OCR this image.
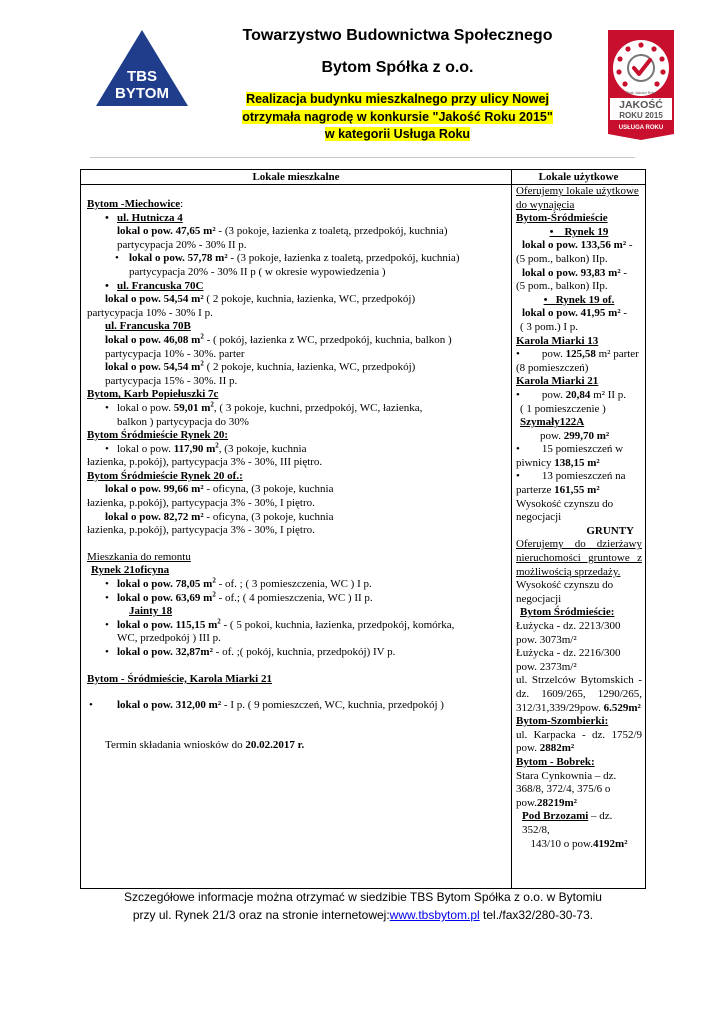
TBS
BYTOM
Towarzystwo Budownictwa Społecznego
Bytom Spółka z o.o.
Realizacja budynku mieszkalnego przy ulicy Nowej
otrzymała nagrodę w konkursie "Jakość Roku 2015"
w kategorii Usługa Roku
Znak Jakości Roku
JAKOŚĆ
ROKU 2015
USŁUGA ROKU
Lokale mieszkalne	Lokale użytkowe

Bytom -Miechowice:

• ul. Hutnicza 4

lokal o pow. 47,65 m² - (3 pokoje, łazienka z toaletą, przedpokój, kuchnia)

partycypacja 20% - 30% II p.

• lokal o pow. 57,78 m² - (3 pokoje, łazienka z toaletą, przedpokój, kuchnia)

partycypacja 20% - 30% II p ( w okresie wypowiedzenia )

• ul. Francuska 70C

lokal o pow. 54,54 m² ( 2 pokoje, kuchnia, łazienka, WC, przedpokój)

partycypacja 10% - 30% I p.

ul. Francuska 70B

lokal o pow. 46,08 $m^2$ - ( pokój, łazienka z WC, przedpokój, kuchnia, balkon )

partycypacja 10% - 30%. parter

lokal o pow. 54,54 $m^2$ ( 2 pokoje, kuchnia, łazienka, WC, przedpokój)

partycypacja 15% - 30%. II p.

Bytom, Karb Popiełuszki 7c

• lokal o pow. 59,01 $m^2$, ( 3 pokoje, kuchni, przedpokój, WC, łazienka,

balkon ) partycypacja do 30%

Bytom Śródmieście Rynek 20:

• lokal o pow. 117,90 $m^2$, (3 pokoje, kuchnia

łazienka, p.pokój), partycypacja 3% - 30%, III piętro.

Bytom Śródmieście Rynek 20 of.:

lokal o pow. 99,66 m² - oficyna, (3 pokoje, kuchnia

łazienka, p.pokój), partycypacja 3% - 30%, I piętro.

lokal o pow. 82,72 m² - oficyna, (3 pokoje, kuchnia

łazienka, p.pokój), partycypacja 3% - 30%, I piętro.

Mieszkania do remontu

Rynek 21oficyna

• lokal o pow. 78,05 $m^2$ - of. ; ( 3 pomieszczenia, WC ) I p.

• lokal o pow. 63,69 $m^2$ - of.; ( 4 pomieszczenia, WC ) II p.

Jainty 18

• lokal o pow. 115,15 $m^2$ - ( 5 pokoi, kuchnia, łazienka, przedpokój, komórka,

WC, przedpokój ) III p.

• lokal o pow. 32,87m² - of. ;( pokój, kuchnia, przedpokój) IV p.

Bytom - Śródmieście, Karola Miarki 21

• lokal o pow. 312,00 m² - I p. ( 9 pomieszczeń, WC, kuchnia, przedpokój )

Termin składania wniosków do 20.02.2017 r.

Oferujemy lokale użytkowe do wynajęcia

Bytom-Śródmieście

•    Rynek 19

lokal o pow. 133,56 m² -

(5 pom., balkon) IIp.

lokal o pow. 93,83 m² -

(5 pom., balkon) IIp.

•   Rynek 19 of.

lokal o pow. 41,95 m² -

( 3 pom.) I p.

Karola Miarki 13

•        pow. 125,58 m² parter

(8 pomieszczeń)

Karola Miarki 21

•        pow. 20,84 m² II p.

( 1 pomieszczenie )

Szymały122A

pow. 299,70 m²

•        15 pomieszczeń w

piwnicy 138,15 m²

•        13 pomieszczeń na

parterze 161,55 m²

Wysokość czynszu do negocjacji

GRUNTY

Oferujemy do dzierżawy nieruchomości gruntowe z możliwością sprzedaży.

Wysokość czynszu do negocjacji

Bytom Śródmieście:

Łużycka - dz. 2213/300

pow. 3073m/²

Łużycka - dz. 2216/300

pow. 2373m/²

ul. Strzelców Bytomskich - dz. 1609/265, 1290/265, 312/31,339/29pow. 6.529m²

Bytom-Szombierki:

ul. Karpacka - dz. 1752/9 pow. 2882m²

Bytom - Bobrek:

Stara Cynkownia – dz. 368/8, 372/4, 375/6 o pow.28219m²

Pod Brzozami – dz. 352/8,

143/10 o pow.4192m²

Szczegółowe informacje można otrzymać w siedzibie TBS Bytom Spółka z o.o. w Bytomiu
przy ul. Rynek 21/3 oraz na stronie internetowej:www.tbsbytom.pl tel./fax32/280-30-73.
